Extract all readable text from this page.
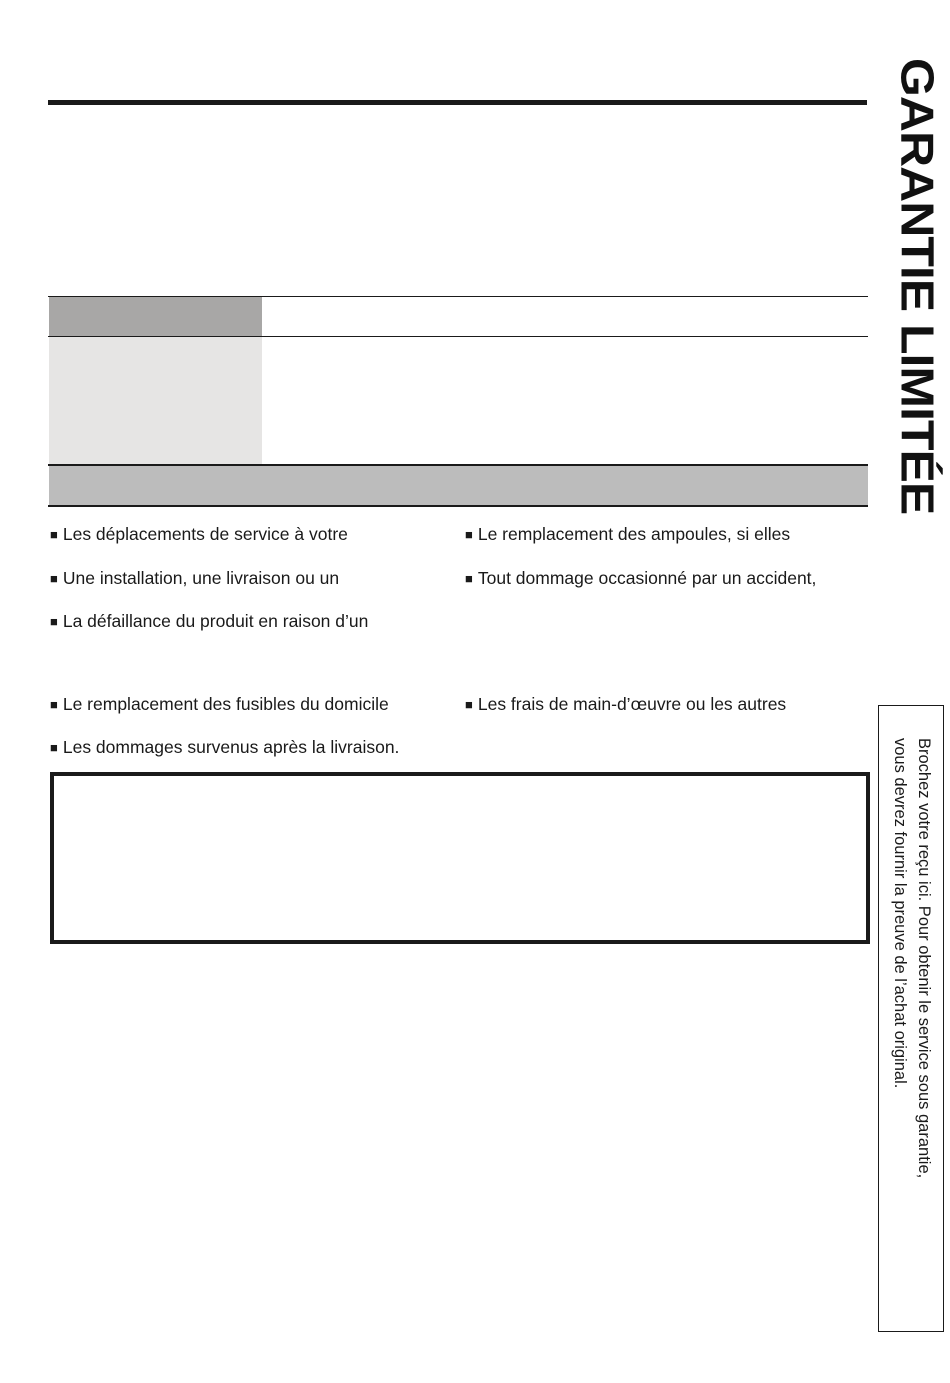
■ Les déplacements de service à votre
■ Une installation, une livraison ou un
■ La défaillance du produit en raison d’un
■ Le remplacement des fusibles du domicile
■ Les dommages survenus après la livraison.
■ Le remplacement des ampoules, si elles
■ Tout dommage occasionné par un accident,
■ Les frais de main-d’œuvre ou les autres
GARANTIE LIMITÉE
Brochez votre reçu ici. Pour obtenir le service sous garantie,
vous devrez fournir la preuve de l’achat original.
